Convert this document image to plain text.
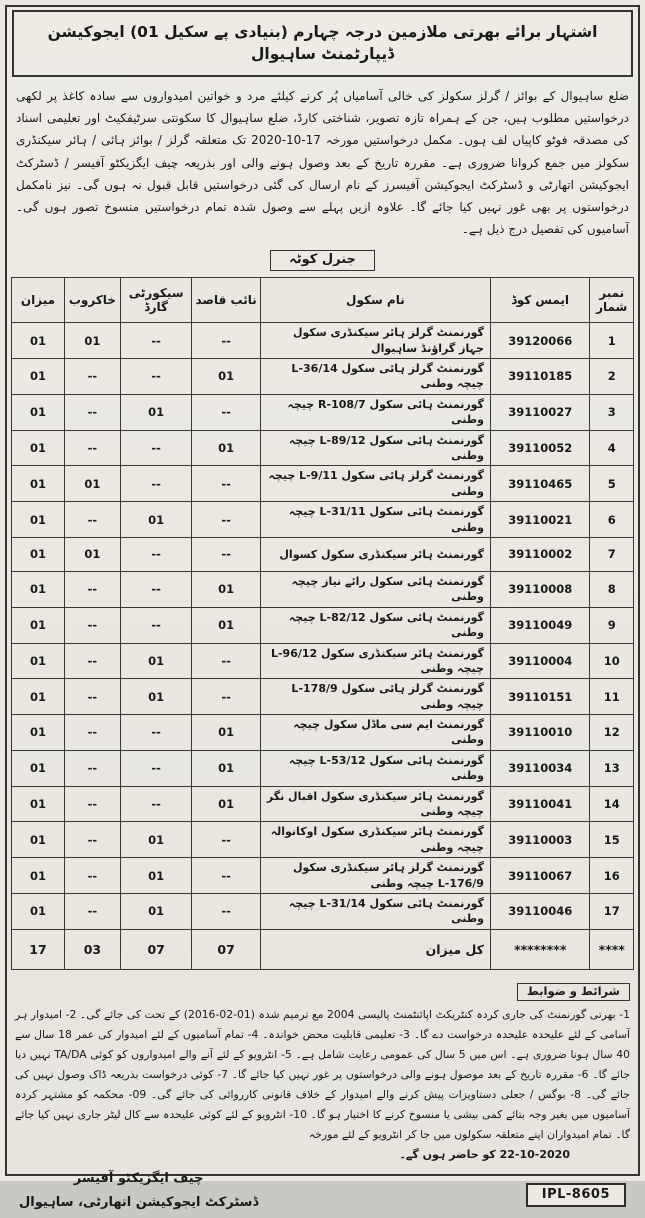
اشتہار برائے بھرتی ملازمین درجہ چہارم (بنیادی پے سکیل 01) ایجوکیشن ڈیپارٹمنٹ ساہیوال
ضلع ساہیوال کے بوائز / گرلز سکولز کی خالی آسامیاں پُر کرنے کیلئے مرد و خواتین امیدواروں سے سادہ کاغذ پر لکھی درخواستیں مطلوب ہیں، جن کے ہمراہ تازہ تصویر، شناختی کارڈ، ضلع ساہیوال کا سکونتی سرٹیفکیٹ اور تعلیمی اسناد کی مصدقہ فوٹو کاپیاں لف ہوں۔ مکمل درخواستیں مورخہ 17-10-2020 تک متعلقہ گرلز / بوائز ہائی / ہائر سیکنڈری سکولز میں جمع کروانا ضروری ہے۔ مقررہ تاریخ کے بعد وصول ہونے والی اور بذریعہ چیف ایگزیکٹو آفیسر / ڈسٹرکٹ ایجوکیشن اتھارٹی و ڈسٹرکٹ ایجوکیشن آفیسرز کے نام ارسال کی گئی درخواستیں قابل قبول نہ ہوں گی۔ نیز نامکمل درخواستوں پر بھی غور نہیں کیا جائے گا۔ علاوہ ازیں پہلے سے وصول شدہ تمام درخواستیں منسوخ تصور ہوں گی۔ آسامیوں کی تفصیل درج ذیل ہے۔
جنرل کوٹہ
نمبر شمار	ایمس کوڈ	نام سکول	نائب قاصد	سیکورٹی گارڈ	خاکروب	میزان
1	39120066	گورنمنٹ گرلز ہائر سیکنڈری سکول جہاز گراؤنڈ ساہیوال	--	--	01	01
2	39110185	گورنمنٹ گرلز ہائی سکول 36/14-L چیچہ وطنی	01	--	--	01
3	39110027	گورنمنٹ ہائی سکول 108/7-R چیچہ وطنی	--	01	--	01
4	39110052	گورنمنٹ ہائی سکول 89/12-L چیچہ وطنی	01	--	--	01
5	39110465	گورنمنٹ گرلز ہائی سکول 9/11-L چیچہ وطنی	--	--	01	01
6	39110021	گورنمنٹ ہائی سکول 31/11-L چیچہ وطنی	--	01	--	01
7	39110002	گورنمنٹ ہائر سیکنڈری سکول کسوال	--	--	01	01
8	39110008	گورنمنٹ ہائی سکول رائے نیاز چیچہ وطنی	01	--	--	01
9	39110049	گورنمنٹ ہائی سکول 82/12-L چیچہ وطنی	01	--	--	01
10	39110004	گورنمنٹ ہائر سیکنڈری سکول 96/12-L چیچہ وطنی	--	01	--	01
11	39110151	گورنمنٹ گرلز ہائی سکول 178/9-L چیچہ وطنی	--	01	--	01
12	39110010	گورنمنٹ ایم سی ماڈل سکول چیچہ وطنی	01	--	--	01
13	39110034	گورنمنٹ ہائی سکول 53/12-L چیچہ وطنی	01	--	--	01
14	39110041	گورنمنٹ ہائر سیکنڈری سکول اقبال نگر چیچہ وطنی	01	--	--	01
15	39110003	گورنمنٹ ہائر سیکنڈری سکول اوکانوالہ چیچہ وطنی	--	01	--	01
16	39110067	گورنمنٹ گرلز ہائر سیکنڈری سکول 176/9-L چیچہ وطنی	--	01	--	01
17	39110046	گورنمنٹ ہائی سکول 31/14-L چیچہ وطنی	--	01	--	01
****	********	کل میزان	07	07	03	17
شرائط و ضوابط
1- بھرتی گورنمنٹ کی جاری کردہ کنٹریکٹ اپائنٹمنٹ پالیسی 2004 مع ترمیم شدہ (01-02-2016) کے تحت کی جائے گی۔ 2- امیدوار ہر آسامی کے لئے علیحدہ علیحدہ درخواست دے گا۔ 3- تعلیمی قابلیت محض خواندہ۔ 4- تمام آسامیوں کے لئے امیدوار کی عمر 18 سال سے 40 سال ہونا ضروری ہے۔ اس میں 5 سال کی عمومی رعایت شامل ہے۔ 5- انٹرویو کے لئے آنے والے امیدواروں کو کوئی TA/DA نہیں دیا جائے گا۔ 6- مقررہ تاریخ کے بعد موصول ہونے والی درخواستوں پر غور نہیں کیا جائے گا۔ 7- کوئی درخواست بذریعہ ڈاک وصول نہیں کی جائے گی۔ 8- بوگس / جعلی دستاویزات پیش کرنے والے امیدوار کے خلاف قانونی کارروائی کی جائے گی۔ 09- محکمہ کو مشتہر کردہ آسامیوں میں بغیر وجہ بتائے کمی بیشی یا منسوخ کرنے کا اختیار ہو گا۔ 10- انٹرویو کے لئے کوئی علیحدہ سے کال لیٹر جاری نہیں کیا جائے گا۔ تمام امیدواران اپنے متعلقہ سکولوں میں جا کر انٹرویو کے لئے مورخہ
22-10-2020 کو حاضر ہوں گے۔
IPL-8605
چیف ایگزیکٹو آفیسر
ڈسٹرکٹ ایجوکیشن اتھارٹی، ساہیوال
